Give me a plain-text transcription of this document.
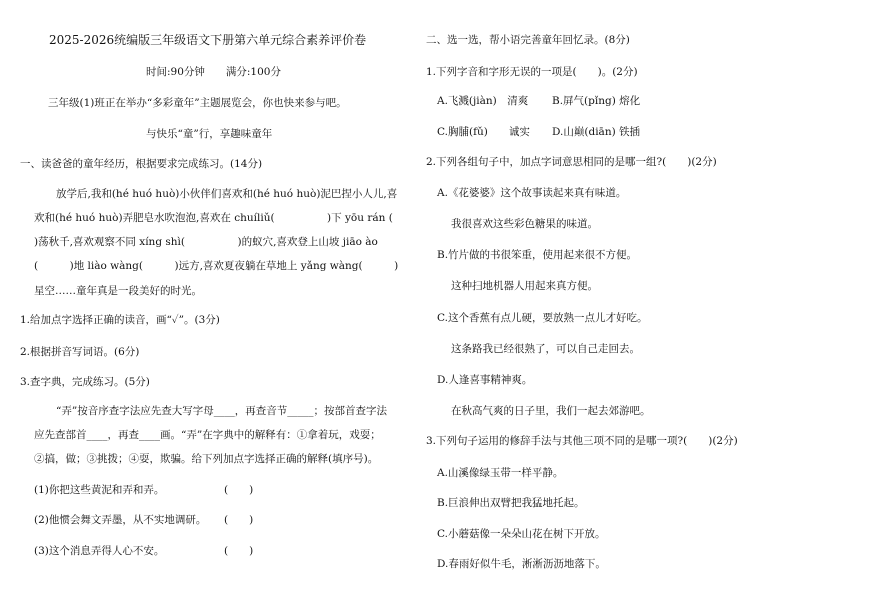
2025-2026统编版三年级语文下册第六单元综合素养评价卷
时间:90分钟　　满分:100分
三年级(1)班正在举办“多彩童年”主题展览会，你也快来参与吧。
与快乐“童”行，享趣味童年
一、读爸爸的童年经历，根据要求完成练习。(14分)
放学后,我和(hé huó huò)小伙伴们喜欢和(hé huó huò)泥巴捏小人儿,喜
欢和(hé huó huò)弄肥皂水吹泡泡,喜欢在 chuíliǔ(　　　　　)下 yōu rán (
)荡秋千,喜欢观察不同 xíng shì(　　　　　)的蚁穴,喜欢登上山坡 jiāo ào
(　　　)地 liào wàng(　　　)远方,喜欢夏夜躺在草地上 yǎng wàng(　　　)
星空……童年真是一段美好的时光。
1.给加点字选择正确的读音，画“✓”。(3分)
2.根据拼音写词语。(6分)
3.查字典，完成练习。(5分)
“弄”按音序查字法应先查大写字母____，再查音节_____；按部首查字法
应先查部首____，再查____画。“弄”在字典中的解释有：①拿着玩，戏耍；
②搞，做；③挑拨；④耍，欺骗。给下列加点字选择正确的解释(填序号)。
(1)你把这些黄泥和弄和弄。	(　　)
(2)他惯会舞文弄墨，从不实地调研。 (　　)
(3)这个消息弄得人心不安。	(　　)
二、选一选，帮小语完善童年回忆录。(8分)
1.下列字音和字形无误的一项是(　　)。(2分)
A.飞溅(jiàn)　清爽 B.屏气(pǐng) 熔化
C.胸脯(fǔ)　　诚实 D.山巅(diān) 铁插
2.下列各组句子中，加点字词意思相同的是哪一组?(　　)(2分)
A.《花婆婆》这个故事读起来真有味道。
我很喜欢这些彩色糖果的味道。
B.竹片做的书很笨重，使用起来很不方便。
这种扫地机器人用起来真方便。
C.这个香蕉有点儿硬，要放熟一点儿才好吃。
这条路我已经很熟了，可以自己走回去。
D.人逢喜事精神爽。
在秋高气爽的日子里，我们一起去郊游吧。
3.下列句子运用的修辞手法与其他三项不同的是哪一项?(　　)(2分)
A.山溪像绿玉带一样平静。
B.巨浪伸出双臂把我猛地托起。
C.小蘑菇像一朵朵山花在树下开放。
D.春雨好似牛毛，淅淅沥沥地落下。
